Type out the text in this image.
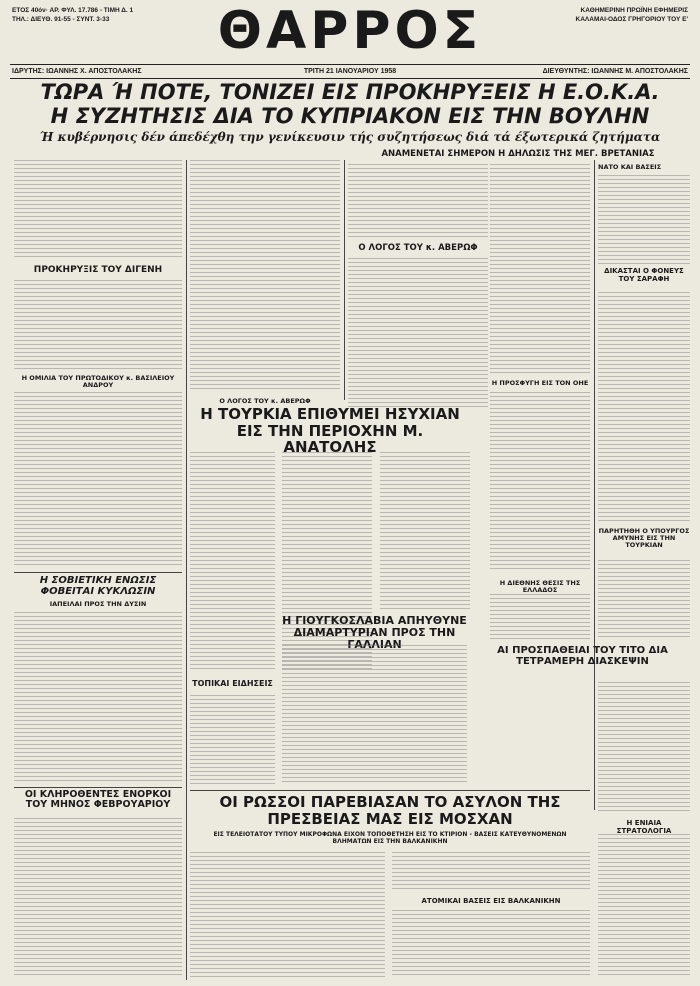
ΕΤΟΣ 40όν· ΑΡ. ΦΥΛ. 17.786 - ΤΙΜΗ Δ. 1
ΤΗΛ.: ΔΙΕΥΘ. 91-55 - ΣΥΝΤ. 3-33	ΘΑΡΡΟΣ	ΚΑΘΗΜΕΡΙΝΗ ΠΡΩΪΝΗ ΕΦΗΜΕΡΙΣ
ΚΑΛΑΜΑΙ-ΟΔΟΣ ΓΡΗΓΟΡΙΟΥ ΤΟΥ Ε'
ΙΔΡΥΤΗΣ: ΙΩΑΝΝΗΣ Χ. ΑΠΟΣΤΟΛΑΚΗΣ	ΤΡΙΤΗ 21 ΙΑΝΟΥΑΡΙΟΥ 1958	ΔΙΕΥΘΥΝΤΗΣ: ΙΩΑΝΝΗΣ Μ. ΑΠΟΣΤΟΛΑΚΗΣ
ΤΩΡΑ Ή ΠΟΤΕ, ΤΟΝΙΖΕΙ ΕΙΣ ΠΡΟΚΗΡΥΞΕΙΣ Η Ε.Ο.Κ.Α.
Η ΣΥΖΗΤΗΣΙΣ ΔΙΑ ΤΟ ΚΥΠΡΙΑΚΟΝ ΕΙΣ ΤΗΝ ΒΟΥΛΗΝ
Ή κυβέρνησις δέν άπεδέχθη την γενίκευσιν τής συζητήσεως διά τά έξωτερικά ζητήματα
ΠΡΟΚΗΡΥΞΙΣ ΤΟΥ ΔΙΓΕΝΗ
Η ΟΜΙΛΙΑ ΤΟΥ ΠΡΩΤΟΔΙΚΟΥ κ. ΒΑΣΙΛΕΙΟΥ ΑΝΔΡΟΥ
Η ΣΟΒΙΕΤΙΚΗ ΕΝΩΣΙΣ ΦΟΒΕΙΤΑΙ ΚΥΚΛΩΣΙΝ
ΙΑΠΕΙΛΑΙ ΠΡΟΣ ΤΗΝ ΔΥΣΙΝ
ΟΙ ΚΛΗΡΟΘΕΝΤΕΣ ΕΝΟΡΚΟΙ ΤΟΥ ΜΗΝΟΣ ΦΕΒΡΟΥΑΡΙΟΥ
Ο ΛΟΓΟΣ ΤΟΥ κ. ΑΒΕΡΩΦ
Η ΤΟΥΡΚΙΑ ΕΠΙΘΥΜΕΙ ΗΣΥΧΙΑΝ ΕΙΣ ΤΗΝ ΠΕΡΙΟΧΗΝ Μ. ΑΝΑΤΟΛΗΣ
ΤΟΠΙΚΑΙ ΕΙΔΗΣΕΙΣ
Η ΓΙΟΥΓΚΟΣΛΑΒΙΑ ΑΠΗΥΘΥΝΕ ΔΙΑΜΑΡΤΥΡΙΑΝ ΠΡΟΣ ΤΗΝ ΓΑΛΛΙΑΝ
ΑΝΑΜΕΝΕΤΑΙ ΣΗΜΕΡΟΝ Η ΔΗΛΩΣΙΣ ΤΗΣ ΜΕΓ. ΒΡΕΤΑΝΙΑΣ
Ο ΛΟΓΟΣ ΤΟΥ κ. ΑΒΕΡΩΦ
Η ΠΡΟΣΦΥΓΗ ΕΙΣ ΤΟΝ ΟΗΕ
Η ΔΙΕΘΝΗΣ ΘΕΣΙΣ ΤΗΣ ΕΛΛΑΔΟΣ
ΝΑΤΟ ΚΑΙ ΒΑΣΕΙΣ
ΔΙΚΑΣΤΑΙ Ο ΦΟΝΕΥΣ ΤΟΥ ΣΑΡΑΦΗ
ΠΑΡΗΤΗΘΗ Ο ΥΠΟΥΡΓΟΣ ΑΜΥΝΗΣ ΕΙΣ ΤΗΝ ΤΟΥΡΚΙΑΝ
ΑΙ ΠΡΟΣΠΑΘΕΙΑΙ ΤΟΥ ΤΙΤΟ ΔΙΑ ΤΕΤΡΑΜΕΡΗ ΔΙΑΣΚΕΨΙΝ
ΟΙ ΡΩΣΣΟΙ ΠΑΡΕΒΙΑΣΑΝ ΤΟ ΑΣΥΛΟΝ ΤΗΣ ΠΡΕΣΒΕΙΑΣ ΜΑΣ ΕΙΣ ΜΟΣΧΑΝ
ΕΙΣ ΤΕΛΕΙΟΤΑΤΟΥ ΤΥΠΟΥ ΜΙΚΡΟΦΩΝΑ ΕΙΧΟΝ ΤΟΠΟΘΕΤΗΣΗ ΕΙΣ ΤΟ ΚΤΙΡΙΟΝ - ΒΑΣΕΙΣ ΚΑΤΕΥΘΥΝΟΜΕΝΩΝ ΒΛΗΜΑΤΩΝ ΕΙΣ ΤΗΝ ΒΑΛΚΑΝΙΚΗΝ
ΑΤΟΜΙΚΑΙ ΒΑΣΕΙΣ ΕΙΣ ΒΑΛΚΑΝΙΚΗΝ
Η ΕΝΙΑΙΑ ΣΤΡΑΤΟΛΟΓΙΑ
